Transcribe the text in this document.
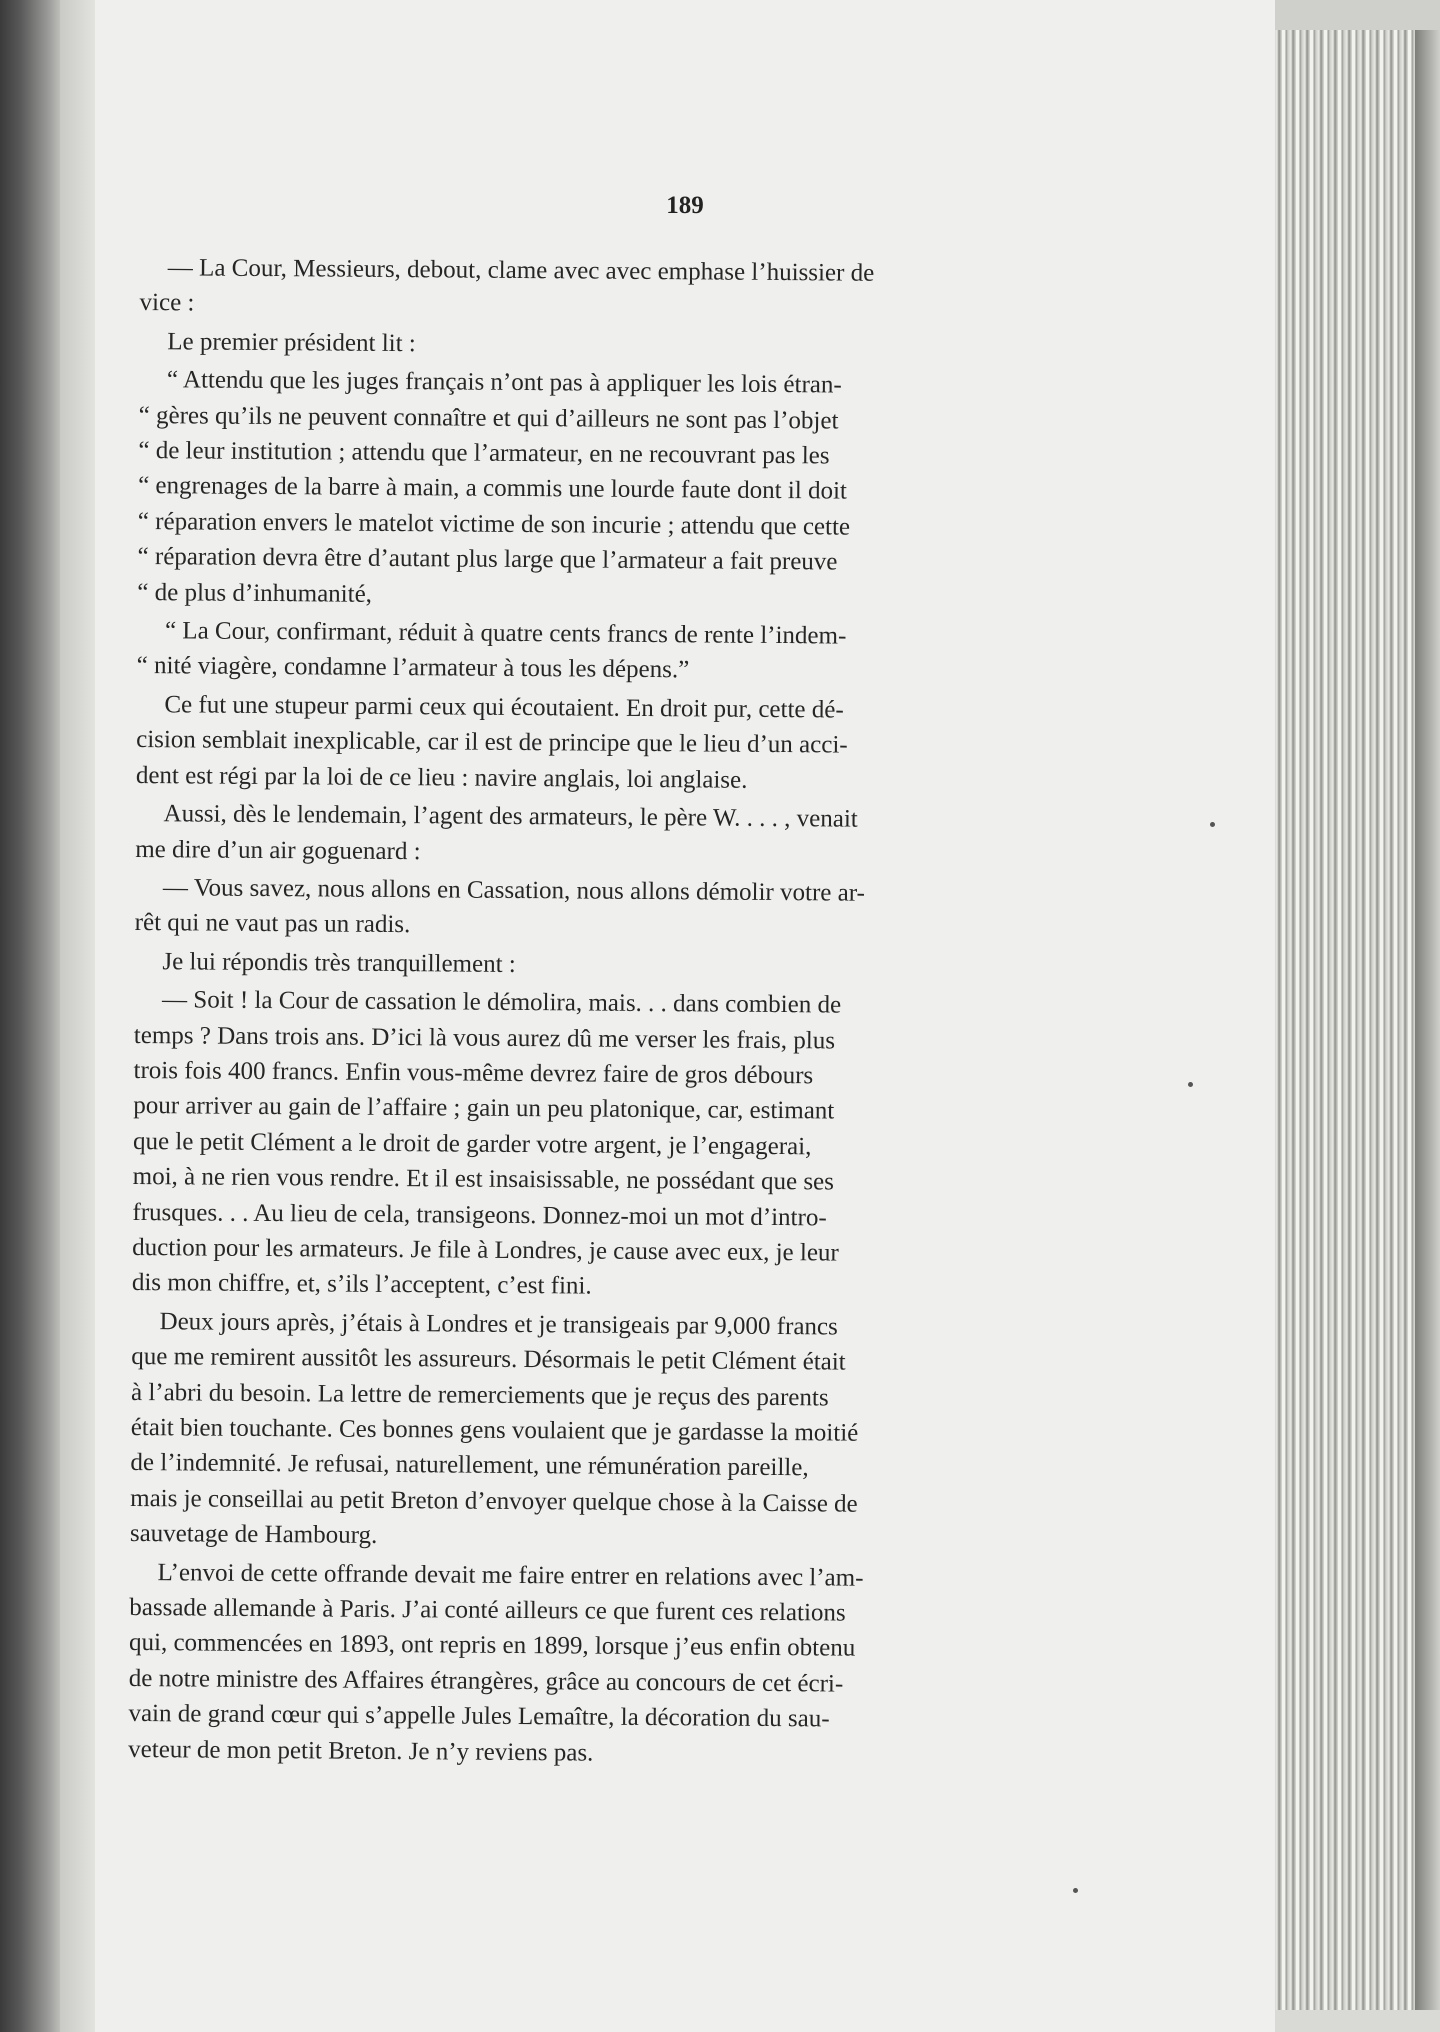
189

— La Cour, Messieurs, debout, clame avec avec emphase l’huissier de
vice :

Le premier président lit :

“ Attendu que les juges français n’ont pas à appliquer les lois étran-
“ gères qu’ils ne peuvent connaître et qui d’ailleurs ne sont pas l’objet
“ de leur institution ; attendu que l’armateur, en ne recouvrant pas les
“ engrenages de la barre à main, a commis une lourde faute dont il doit
“ réparation envers le matelot victime de son incurie ; attendu que cette
“ réparation devra être d’autant plus large que l’armateur a fait preuve
“ de plus d’inhumanité,

“ La Cour, confirmant, réduit à quatre cents francs de rente l’indem-
“ nité viagère, condamne l’armateur à tous les dépens.”

Ce fut une stupeur parmi ceux qui écoutaient. En droit pur, cette dé-
cision semblait inexplicable, car il est de principe que le lieu d’un acci-
dent est régi par la loi de ce lieu : navire anglais, loi anglaise.

Aussi, dès le lendemain, l’agent des armateurs, le père W. . . . , venait
me dire d’un air goguenard :

— Vous savez, nous allons en Cassation, nous allons démolir votre ar-
rêt qui ne vaut pas un radis.

Je lui répondis très tranquillement :

— Soit ! la Cour de cassation le démolira, mais. . . dans combien de
temps ? Dans trois ans. D’ici là vous aurez dû me verser les frais, plus
trois fois 400 francs. Enfin vous-même devrez faire de gros débours
pour arriver au gain de l’affaire ; gain un peu platonique, car, estimant
que le petit Clément a le droit de garder votre argent, je l’engagerai,
moi, à ne rien vous rendre. Et il est insaisissable, ne possédant que ses
frusques. . . Au lieu de cela, transigeons. Donnez-moi un mot d’intro-
duction pour les armateurs. Je file à Londres, je cause avec eux, je leur
dis mon chiffre, et, s’ils l’acceptent, c’est fini.

Deux jours après, j’étais à Londres et je transigeais par 9,000 francs
que me remirent aussitôt les assureurs. Désormais le petit Clément était
à l’abri du besoin. La lettre de remerciements que je reçus des parents
était bien touchante. Ces bonnes gens voulaient que je gardasse la moitié
de l’indemnité. Je refusai, naturellement, une rémunération pareille,
mais je conseillai au petit Breton d’envoyer quelque chose à la Caisse de
sauvetage de Hambourg.

L’envoi de cette offrande devait me faire entrer en relations avec l’am-
bassade allemande à Paris. J’ai conté ailleurs ce que furent ces relations
qui, commencées en 1893, ont repris en 1899, lorsque j’eus enfin obtenu
de notre ministre des Affaires étrangères, grâce au concours de cet écri-
vain de grand cœur qui s’appelle Jules Lemaître, la décoration du sau-
veteur de mon petit Breton. Je n’y reviens pas.
